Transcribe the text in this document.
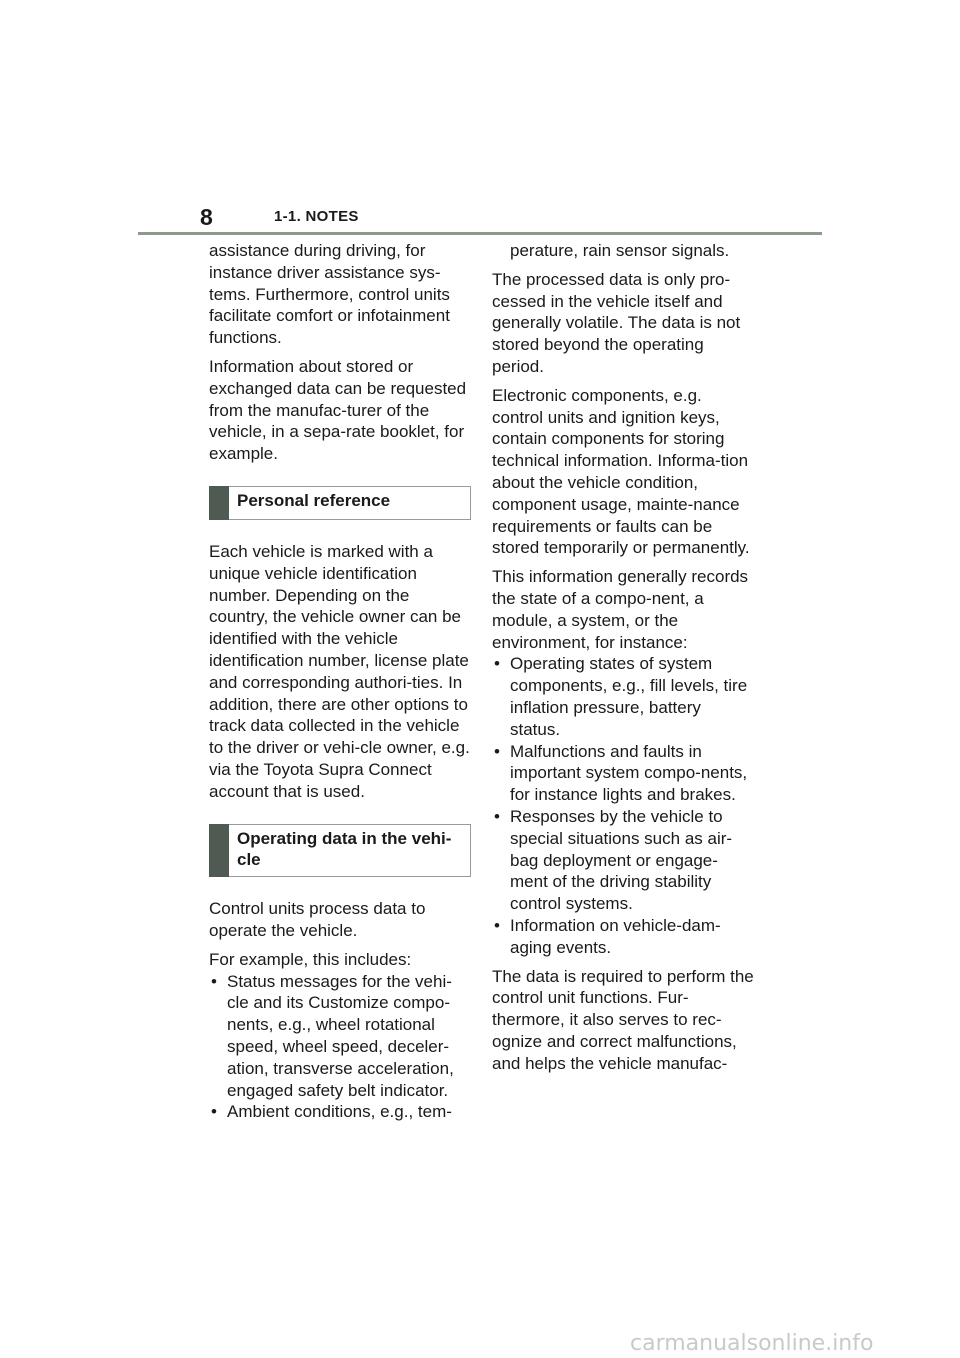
8	1-1. NOTES

assistance during driving, for instance driver assistance sys-tems. Furthermore, control units facilitate comfort or infotainment functions.

Information about stored or exchanged data can be requested from the manufac-turer of the vehicle, in a sepa-rate booklet, for example.

Personal reference

Each vehicle is marked with a unique vehicle identification number. Depending on the country, the vehicle owner can be identified with the vehicle identification number, license plate and corresponding authori-ties. In addition, there are other options to track data collected in the vehicle to the driver or vehi-cle owner, e.g. via the Toyota Supra Connect account that is used.

Operating data in the vehi-cle

Control units process data to operate the vehicle.

For example, this includes:

• Status messages for the vehi-cle and its Customize compo-nents, e.g., wheel rotational speed, wheel speed, deceler-ation, transverse acceleration, engaged safety belt indicator.
• Ambient conditions, e.g., tem-

perature, rain sensor signals.

The processed data is only pro-cessed in the vehicle itself and generally volatile. The data is not stored beyond the operating period.

Electronic components, e.g. control units and ignition keys, contain components for storing technical information. Informa-tion about the vehicle condition, component usage, mainte-nance requirements or faults can be stored temporarily or permanently.

This information generally records the state of a compo-nent, a module, a system, or the environment, for instance:

• Operating states of system components, e.g., fill levels, tire inflation pressure, battery status.
• Malfunctions and faults in important system compo-nents, for instance lights and brakes.
• Responses by the vehicle to special situations such as air-bag deployment or engage-ment of the driving stability control systems.
• Information on vehicle-dam-aging events.

The data is required to perform the control unit functions. Fur-thermore, it also serves to rec-ognize and correct malfunctions, and helps the vehicle manufac-

carmanualsonline.info
